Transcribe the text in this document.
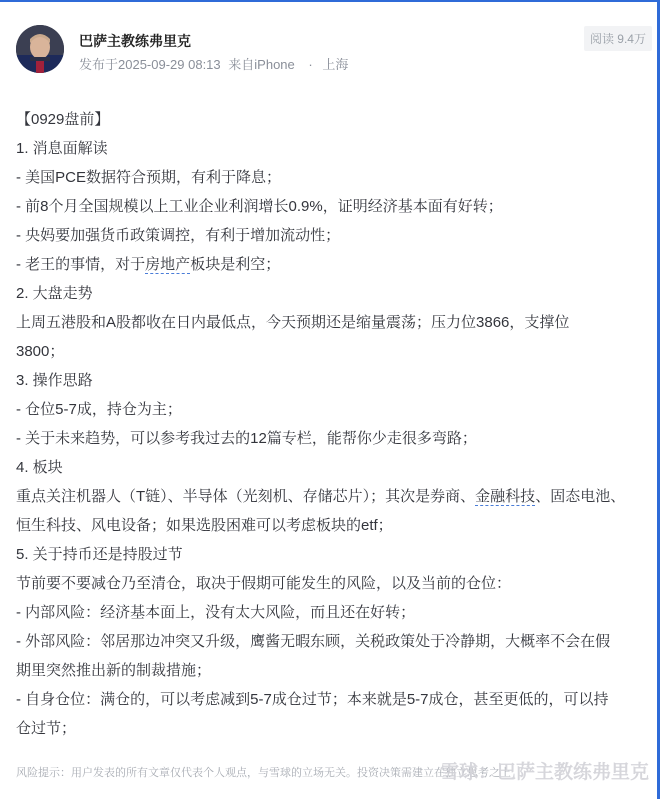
巴萨主教练弗里克
发布于2025-09-29 08:13 来自iPhone · 上海
阅读 9.4万
【0929盘前】
1. 消息面解读
- 美国PCE数据符合预期，有利于降息；
- 前8个月全国规模以上工业企业利润增长0.9%，证明经济基本面有好转；
- 央妈要加强货币政策调控，有利于增加流动性；
- 老王的事情，对于房地产板块是利空；
2. 大盘走势
上周五港股和A股都收在日内最低点，今天预期还是缩量震荡；压力位3866，支撑位
3800；
3. 操作思路
- 仓位5-7成，持仓为主；
- 关于未来趋势，可以参考我过去的12篇专栏，能帮你少走很多弯路；
4. 板块
重点关注机器人（T链）、半导体（光刻机、存储芯片）；其次是券商、金融科技、固态电池、
恒生科技、风电设备；如果选股困难可以考虑板块的etf；
5. 关于持币还是持股过节
节前要不要减仓乃至清仓，取决于假期可能发生的风险，以及当前的仓位：
- 内部风险：经济基本面上，没有太大风险，而且还在好转；
- 外部风险：邻居那边冲突又升级，鹰酱无暇东顾，关税政策处于冷静期，大概率不会在假
期里突然推出新的制裁措施；
- 自身仓位：满仓的，可以考虑减到5-7成仓过节；本来就是5-7成仓，甚至更低的，可以持
仓过节；
风险提示：用户发表的所有文章仅代表个人观点，与雪球的立场无关。投资决策需建立在独立思考之上
雪球：巴萨主教练弗里克
